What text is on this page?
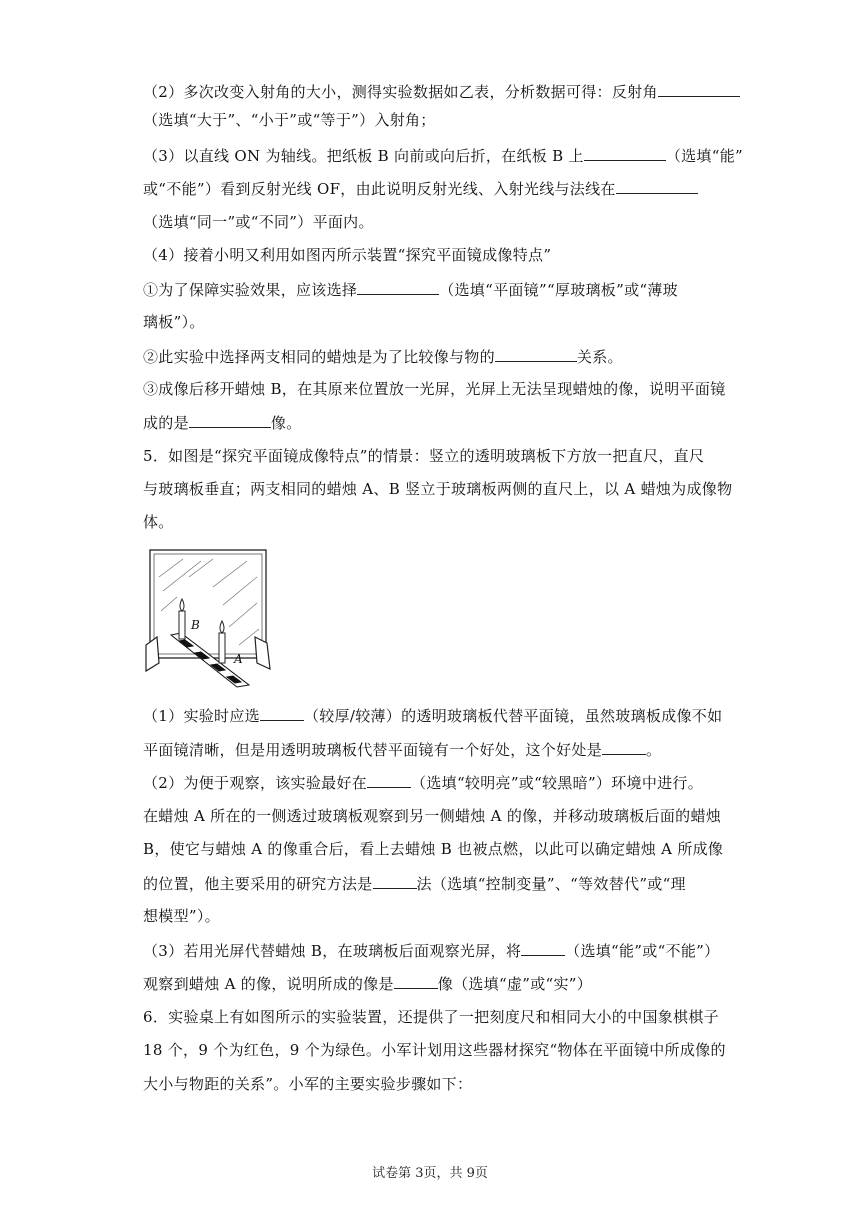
（2）多次改变入射角的大小，测得实验数据如乙表，分析数据可得：反射角
（选填“大于”、“小于”或“等于”）入射角；
（3）以直线 ON 为轴线。把纸板 B 向前或向后折，在纸板 B 上	（选填“能”
或“不能”）看到反射光线 OF，由此说明反射光线、入射光线与法线在
（选填“同一”或“不同”）平面内。
（4）接着小明又利用如图丙所示装置“探究平面镜成像特点”
①为了保障实验效果，应该选择	（选填“平面镜”“厚玻璃板”或“薄玻
璃板”）。
②此实验中选择两支相同的蜡烛是为了比较像与物的	关系。
③成像后移开蜡烛 B，在其原来位置放一光屏，光屏上无法呈现蜡烛的像，说明平面镜
成的是	像。
5．如图是“探究平面镜成像特点”的情景：竖立的透明玻璃板下方放一把直尺，直尺
与玻璃板垂直；两支相同的蜡烛 A、B 竖立于玻璃板两侧的直尺上，以 A 蜡烛为成像物
体。
（1）实验时应选	（较厚/较薄）的透明玻璃板代替平面镜，虽然玻璃板成像不如
平面镜清晰，但是用透明玻璃板代替平面镜有一个好处，这个好处是	。
（2）为便于观察，该实验最好在	（选填“较明亮”或“较黑暗”）环境中进行。
在蜡烛 A 所在的一侧透过玻璃板观察到另一侧蜡烛 A 的像，并移动玻璃板后面的蜡烛
B，使它与蜡烛 A 的像重合后，看上去蜡烛 B 也被点燃，以此可以确定蜡烛 A 所成像
的位置，他主要采用的研究方法是	法（选填“控制变量”、“等效替代”或“理
想模型”）。
（3）若用光屏代替蜡烛 B，在玻璃板后面观察光屏，将	（选填“能”或“不能”）
观察到蜡烛 A 的像，说明所成的像是	像（选填“虚”或“实”）
6．实验桌上有如图所示的实验装置，还提供了一把刻度尺和相同大小的中国象棋棋子
18 个，9 个为红色，9 个为绿色。小军计划用这些器材探究“物体在平面镜中所成像的
大小与物距的关系”。小军的主要实验步骤如下：
B
A
试卷第 3页，共 9页
